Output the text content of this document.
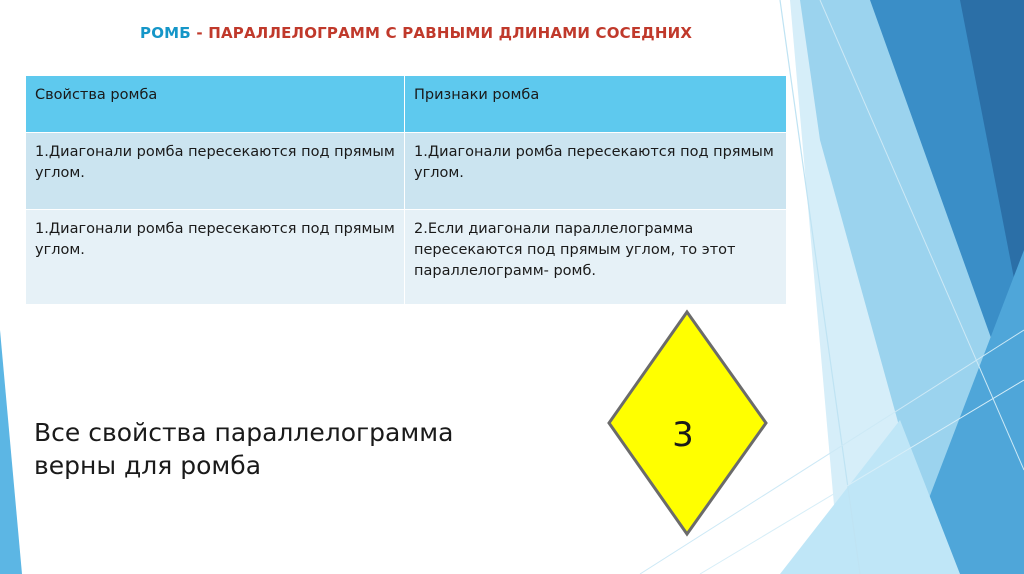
РОМБ - ПАРАЛЛЕЛОГРАММ С РАВНЫМИ ДЛИНАМИ СОСЕДНИХ
Свойства ромба	Признаки ромба
1.Диагонали ромба пересекаются под прямым углом.	1.Диагонали ромба пересекаются под прямым углом.
1.Диагонали ромба пересекаются под прямым углом.	2.Если диагонали параллелограмма пересекаются под прямым углом, то этот параллелограмм- ромб.
Все свойства параллелограмма верны для ромба
3
